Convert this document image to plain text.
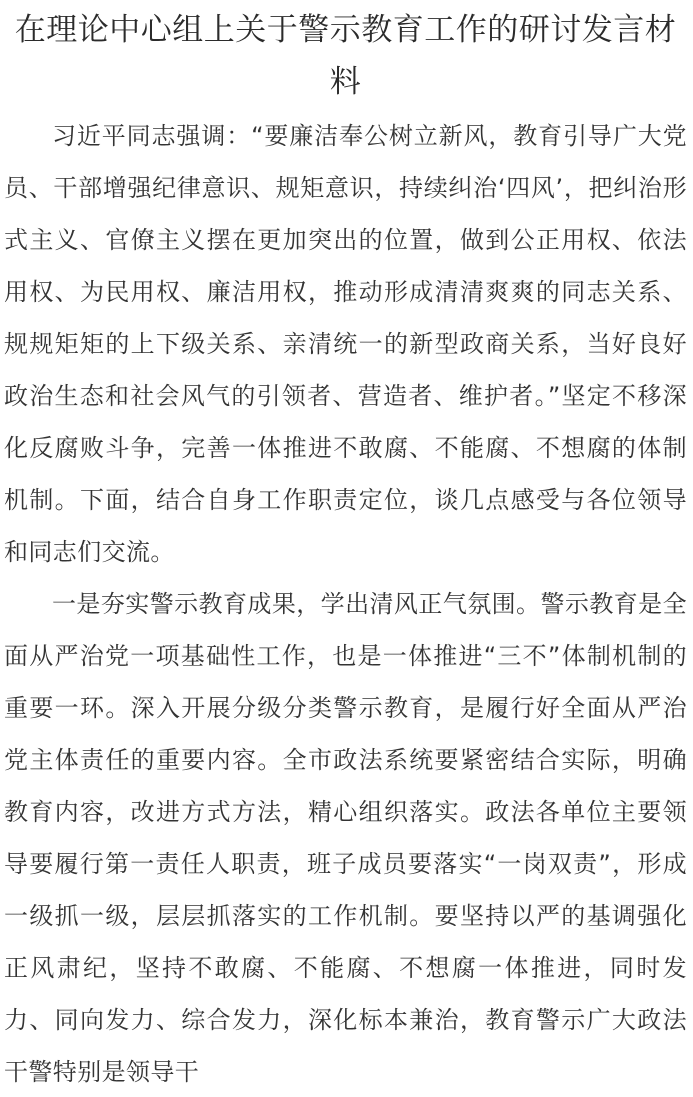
在理论中心组上关于警示教育工作的研讨发言材料

习近平同志强调：“要廉洁奉公树立新风，教育引导广大党员、干部增强纪律意识、规矩意识，持续纠治‘四风’，把纠治形式主义、官僚主义摆在更加突出的位置，做到公正用权、依法用权、为民用权、廉洁用权，推动形成清清爽爽的同志关系、规规矩矩的上下级关系、亲清统一的新型政商关系，当好良好政治生态和社会风气的引领者、营造者、维护者。”坚定不移深化反腐败斗争，完善一体推进不敢腐、不能腐、不想腐的体制机制。下面，结合自身工作职责定位，谈几点感受与各位领导和同志们交流。

一是夯实警示教育成果，学出清风正气氛围。警示教育是全面从严治党一项基础性工作，也是一体推进“三不”体制机制的重要一环。深入开展分级分类警示教育，是履行好全面从严治党主体责任的重要内容。全市政法系统要紧密结合实际，明确教育内容，改进方式方法，精心组织落实。政法各单位主要领导要履行第一责任人职责，班子成员要落实“一岗双责”，形成一级抓一级，层层抓落实的工作机制。要坚持以严的基调强化正风肃纪，坚持不敢腐、不能腐、不想腐一体推进，同时发力、同向发力、综合发力，深化标本兼治，教育警示广大政法干警特别是领导干
